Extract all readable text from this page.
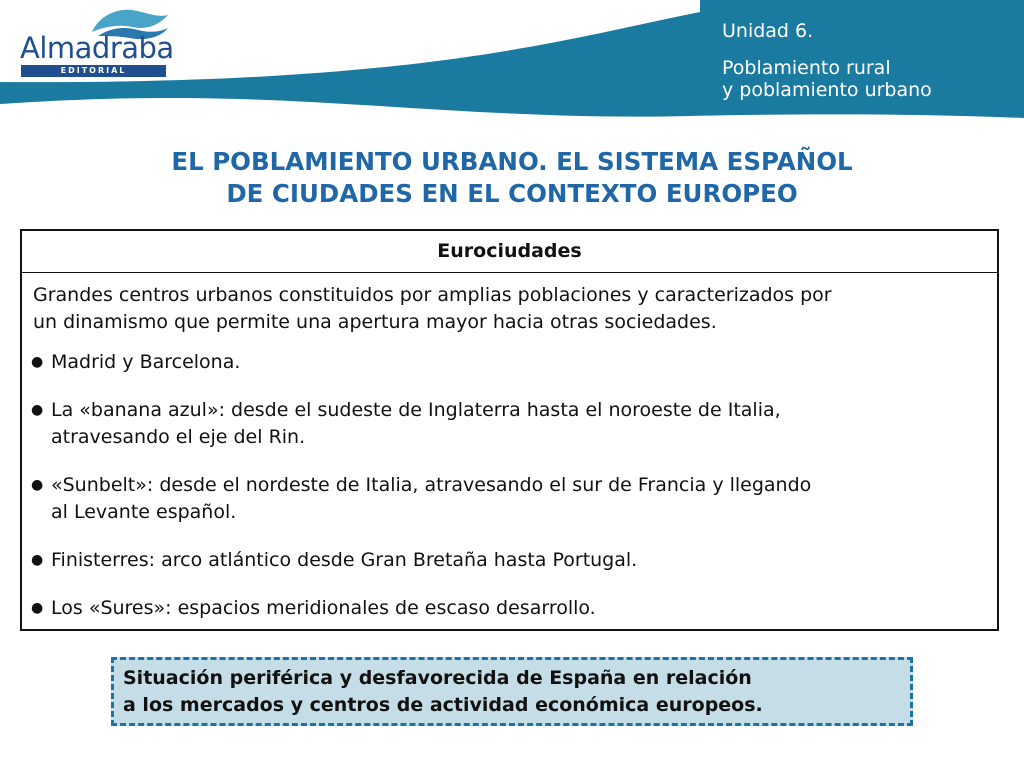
Almadraba
EDITORIAL
Unidad 6.
Poblamiento rural
y poblamiento urbano
EL POBLAMIENTO URBANO. EL SISTEMA ESPAÑOL
DE CIUDADES EN EL CONTEXTO EUROPEO
Eurociudades
Grandes centros urbanos constituidos por amplias poblaciones y caracterizados por
un dinamismo que permite una apertura mayor hacia otras sociedades.
● Madrid y Barcelona.
● La «banana azul»: desde el sudeste de Inglaterra hasta el noroeste de Italia,
atravesando el eje del Rin.
● «Sunbelt»: desde el nordeste de Italia, atravesando el sur de Francia y llegando
al Levante español.
● Finisterres: arco atlántico desde Gran Bretaña hasta Portugal.
● Los «Sures»: espacios meridionales de escaso desarrollo.
Situación periférica y desfavorecida de España en relación
a los mercados y centros de actividad económica europeos.
